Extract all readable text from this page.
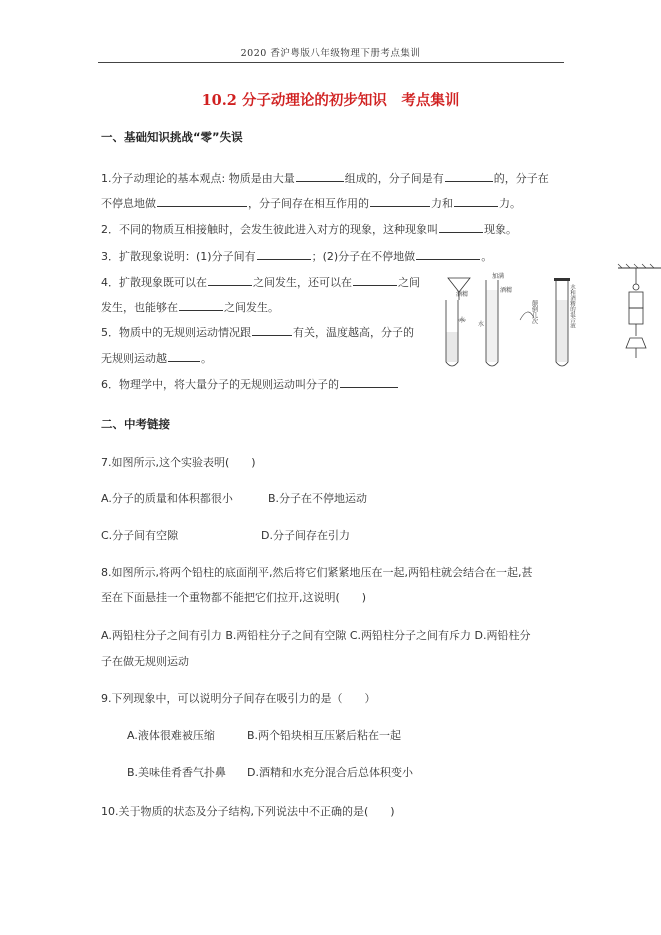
2020 香沪粤版八年级物理下册考点集训
10.2 分子动理论的初步知识　考点集训
一、基础知识挑战“零”失误
1.分子动理论的基本观点: 物质是由大量	组成的，分子间是有	的，分子在
不停息地做	，分子间存在相互作用的	力和	力。
2．不同的物质互相接触时，会发生彼此进入对方的现象，这种现象叫	现象。
3．扩散现象说明：(1)分子间有	；(2)分子在不停地做	。
4．扩散现象既可以在	之间发生，还可以在	之间
发生，也能够在	之间发生。
5．物质中的无规则运动情况跟	有关，温度越高，分子的
无规则运动越	。
6．物理学中，将大量分子的无规则运动叫分子的
酒精
水
加满
酒精
水
颠倒几次	水和酒精的混合液
二、中考链接
7.如图所示,这个实验表明(　　)
A.分子的质量和体积都很小	B.分子在不停地运动
C.分子间有空隙	D.分子间存在引力
8.如图所示,将两个铅柱的底面削平,然后将它们紧紧地压在一起,两铅柱就会结合在一起,甚
至在下面悬挂一个重物都不能把它们拉开,这说明(　　)
A.两铅柱分子之间有引力 B.两铅柱分子之间有空隙 C.两铅柱分子之间有斥力 D.两铅柱分
子在做无规则运动
9.下列现象中，可以说明分子间存在吸引力的是（　　）
A.液体很难被压缩	B.两个铅块相互压紧后粘在一起
B.美味佳肴香气扑鼻 D.酒精和水充分混合后总体积变小
10.关于物质的状态及分子结构,下列说法中不正确的是(　　)
